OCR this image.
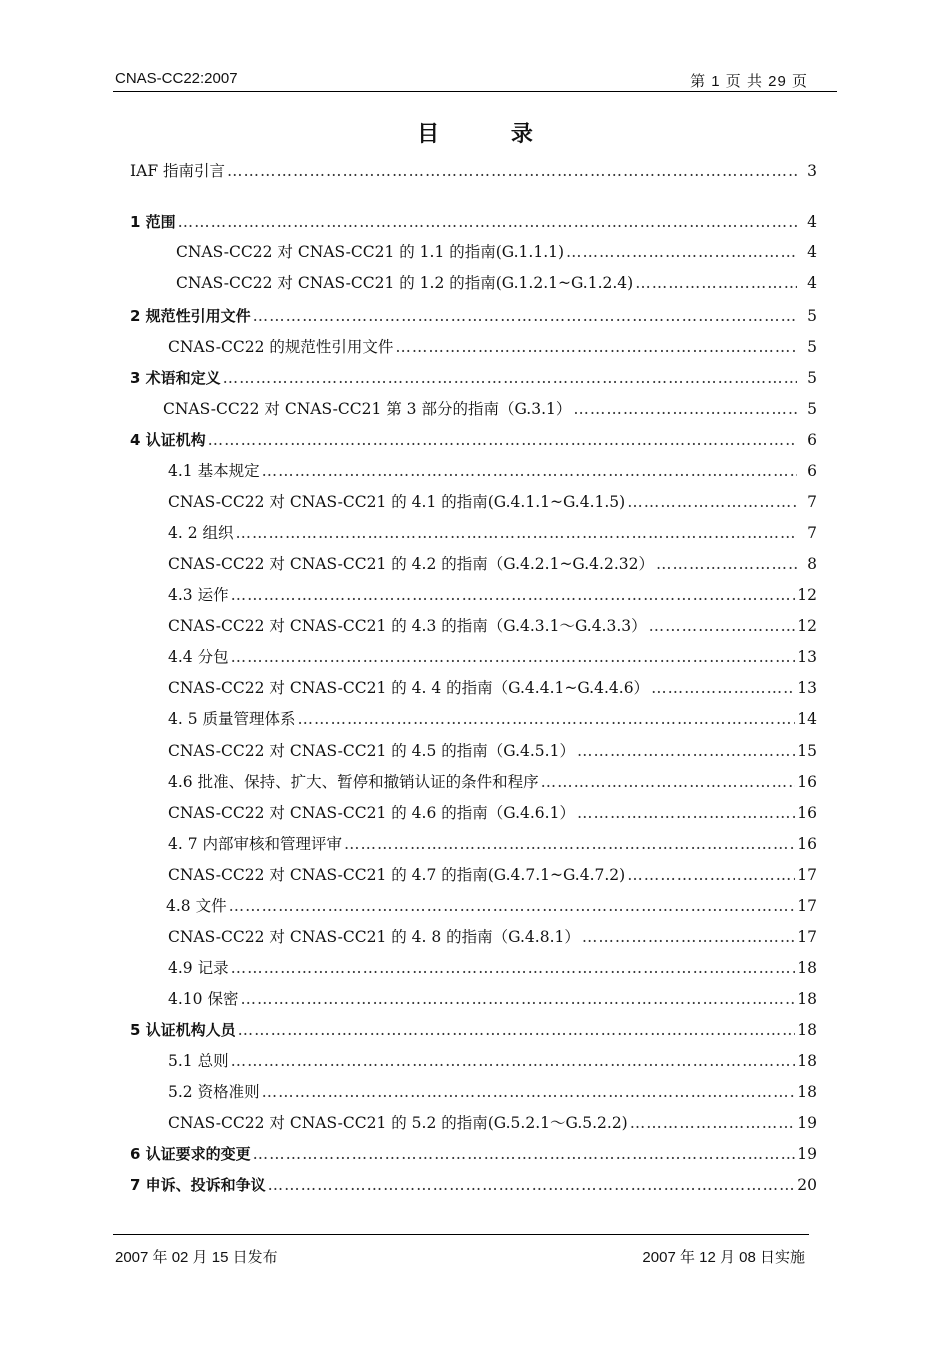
CNAS-CC22:2007	第 1 页 共 29 页
目 录
IAF 指南引言 ………………………………………………………………………………………………………………………………………………	3
1 范围 ………………………………………………………………………………………………………………………………………………	4
CNAS-CC22 对 CNAS-CC21 的 1.1 的指南(G.1.1.1) ………………………………………………………………………………………………………………………………………………	4
CNAS-CC22 对 CNAS-CC21 的 1.2 的指南(G.1.2.1~G.1.2.4) ………………………………………………………………………………………………………………………………………………	4
2 规范性引用文件 ………………………………………………………………………………………………………………………………………………	5
CNAS-CC22 的规范性引用文件 ………………………………………………………………………………………………………………………………………………	5
3 术语和定义 ………………………………………………………………………………………………………………………………………………	5
CNAS-CC22 对 CNAS-CC21 第 3 部分的指南（G.3.1） ………………………………………………………………………………………………………………………………………………	5
4 认证机构 ………………………………………………………………………………………………………………………………………………	6
4.1 基本规定 ………………………………………………………………………………………………………………………………………………	6
CNAS-CC22 对 CNAS-CC21 的 4.1 的指南(G.4.1.1~G.4.1.5) ………………………………………………………………………………………………………………………………………………	7
4. 2 组织 ………………………………………………………………………………………………………………………………………………	7
CNAS-CC22 对 CNAS-CC21 的 4.2 的指南（G.4.2.1~G.4.2.32） ………………………………………………………………………………………………………………………………………………	8
4.3 运作 ………………………………………………………………………………………………………………………………………………	12
CNAS-CC22 对 CNAS-CC21 的 4.3 的指南（G.4.3.1～G.4.3.3） ………………………………………………………………………………………………………………………………………………	12
4.4 分包 ………………………………………………………………………………………………………………………………………………	13
CNAS-CC22 对 CNAS-CC21 的 4. 4 的指南（G.4.4.1~G.4.4.6） ………………………………………………………………………………………………………………………………………………	13
4. 5 质量管理体系 ………………………………………………………………………………………………………………………………………………	14
CNAS-CC22 对 CNAS-CC21 的 4.5 的指南（G.4.5.1） ………………………………………………………………………………………………………………………………………………	15
4.6 批准、保持、扩大、暂停和撤销认证的条件和程序 ………………………………………………………………………………………………………………………………………………	16
CNAS-CC22 对 CNAS-CC21 的 4.6 的指南（G.4.6.1） ………………………………………………………………………………………………………………………………………………	16
4. 7 内部审核和管理评审 ………………………………………………………………………………………………………………………………………………	16
CNAS-CC22 对 CNAS-CC21 的 4.7 的指南(G.4.7.1~G.4.7.2) ………………………………………………………………………………………………………………………………………………	17
4.8 文件 ………………………………………………………………………………………………………………………………………………	17
CNAS-CC22 对 CNAS-CC21 的 4. 8 的指南（G.4.8.1） ………………………………………………………………………………………………………………………………………………	17
4.9 记录 ………………………………………………………………………………………………………………………………………………	18
4.10 保密 ………………………………………………………………………………………………………………………………………………	18
5 认证机构人员 ………………………………………………………………………………………………………………………………………………	18
5.1 总则 ………………………………………………………………………………………………………………………………………………	18
5.2 资格准则 ………………………………………………………………………………………………………………………………………………	18
CNAS-CC22 对 CNAS-CC21 的 5.2 的指南(G.5.2.1～G.5.2.2) ………………………………………………………………………………………………………………………………………………	19
6 认证要求的变更 ………………………………………………………………………………………………………………………………………………	19
7 申诉、投诉和争议 ………………………………………………………………………………………………………………………………………………	20
2007 年 02 月 15 日发布	2007 年 12 月 08 日实施
